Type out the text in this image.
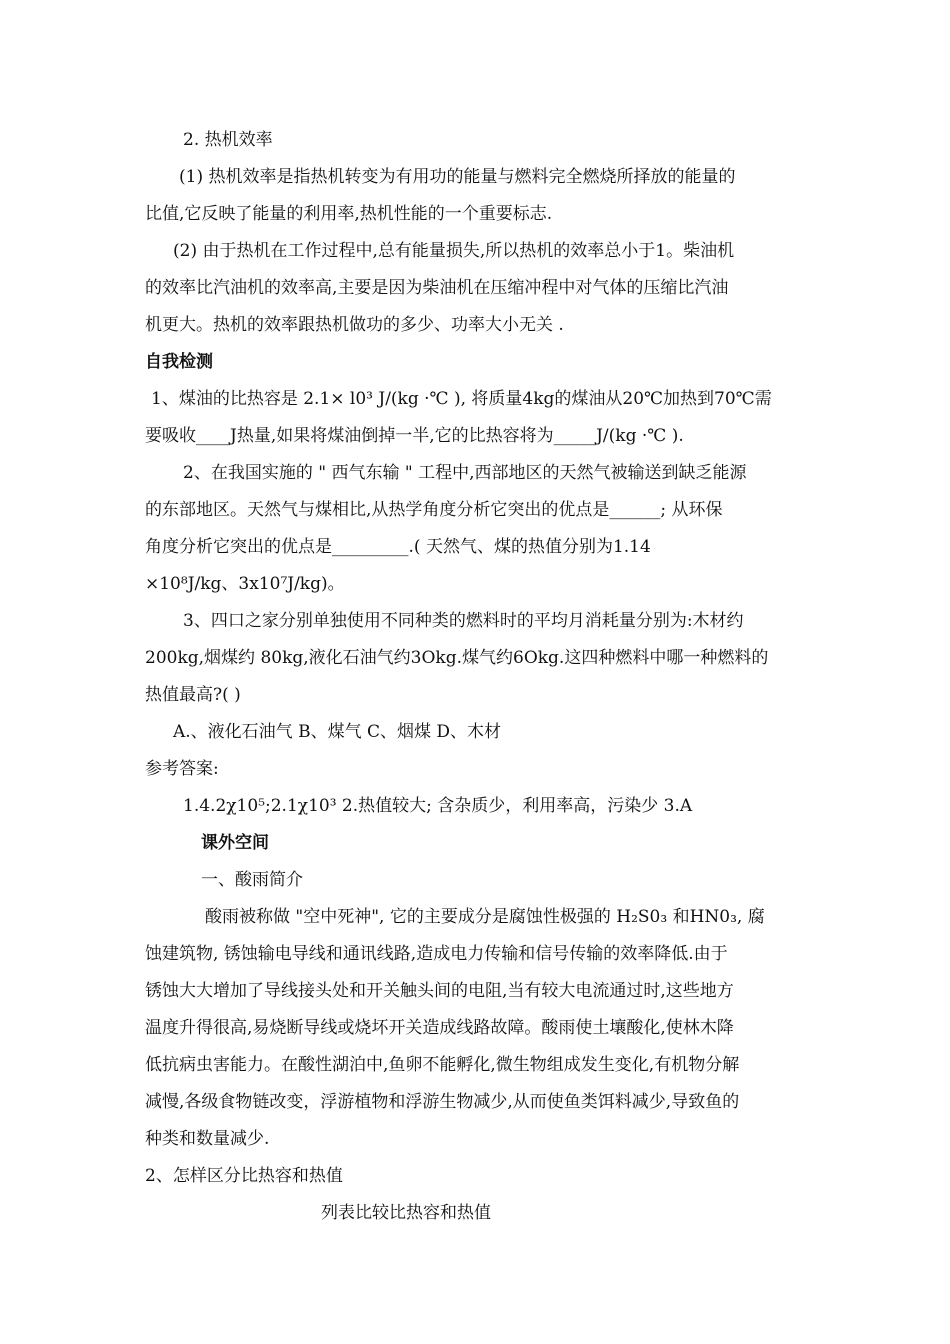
2. 热机效率
(1) 热机效率是指热机转变为有用功的能量与燃料完全燃烧所择放的能量的
比值,它反映了能量的利用率,热机性能的一个重要标志.
(2) 由于热机在工作过程中,总有能量损失,所以热机的效率总小于1。柴油机
的效率比汽油机的效率高,主要是因为柴油机在压缩冲程中对气体的压缩比汽油
机更大。热机的效率跟热机做功的多少、功率大小无关 .
自我检测
1、煤油的比热容是 2.1× l0³ J/(kg ·℃ ), 将质量4kg的煤油从20℃加热到70℃需
要吸收____J热量,如果将煤油倒掉一半,它的比热容将为_____J/(kg ·℃ ).
2、在我国实施的 " 西气东输 " 工程中,西部地区的天然气被输送到缺乏能源
的东部地区。天然气与煤相比,从热学角度分析它突出的优点是______; 从环保
角度分析它突出的优点是_________.( 天然气、煤的热值分别为1.14
×10⁸J/kg、3x10⁷J/kg)。
3、四口之家分别单独使用不同种类的燃料时的平均月消耗量分别为:木材约
200kg,烟煤约 80kg,液化石油气约3Okg.煤气约6Okg.这四种燃料中哪一种燃料的
热值最高?( )
A.、液化石油气 B、煤气 C、烟煤 D、木材
参考答案:
1.4.2χ10⁵;2.1χ10³ 2.热值较大; 含杂质少，利用率高，污染少 3.A
课外空间
一、酸雨简介
酸雨被称做 "空中死神", 它的主要成分是腐蚀性极强的 H₂S0₃ 和HN0₃, 腐
蚀建筑物, 锈蚀输电导线和通讯线路,造成电力传输和信号传输的效率降低.由于
锈蚀大大增加了导线接头处和开关触头间的电阻,当有较大电流通过时,这些地方
温度升得很高,易烧断导线或烧坏开关造成线路故障。酸雨使土壤酸化,使林木降
低抗病虫害能力。在酸性湖泊中,鱼卵不能孵化,微生物组成发生变化,有机物分解
减慢,各级食物链改变，浮游植物和浮游生物减少,从而使鱼类饵料减少,导致鱼的
种类和数量减少.
2、怎样区分比热容和热值
列表比较比热容和热值
